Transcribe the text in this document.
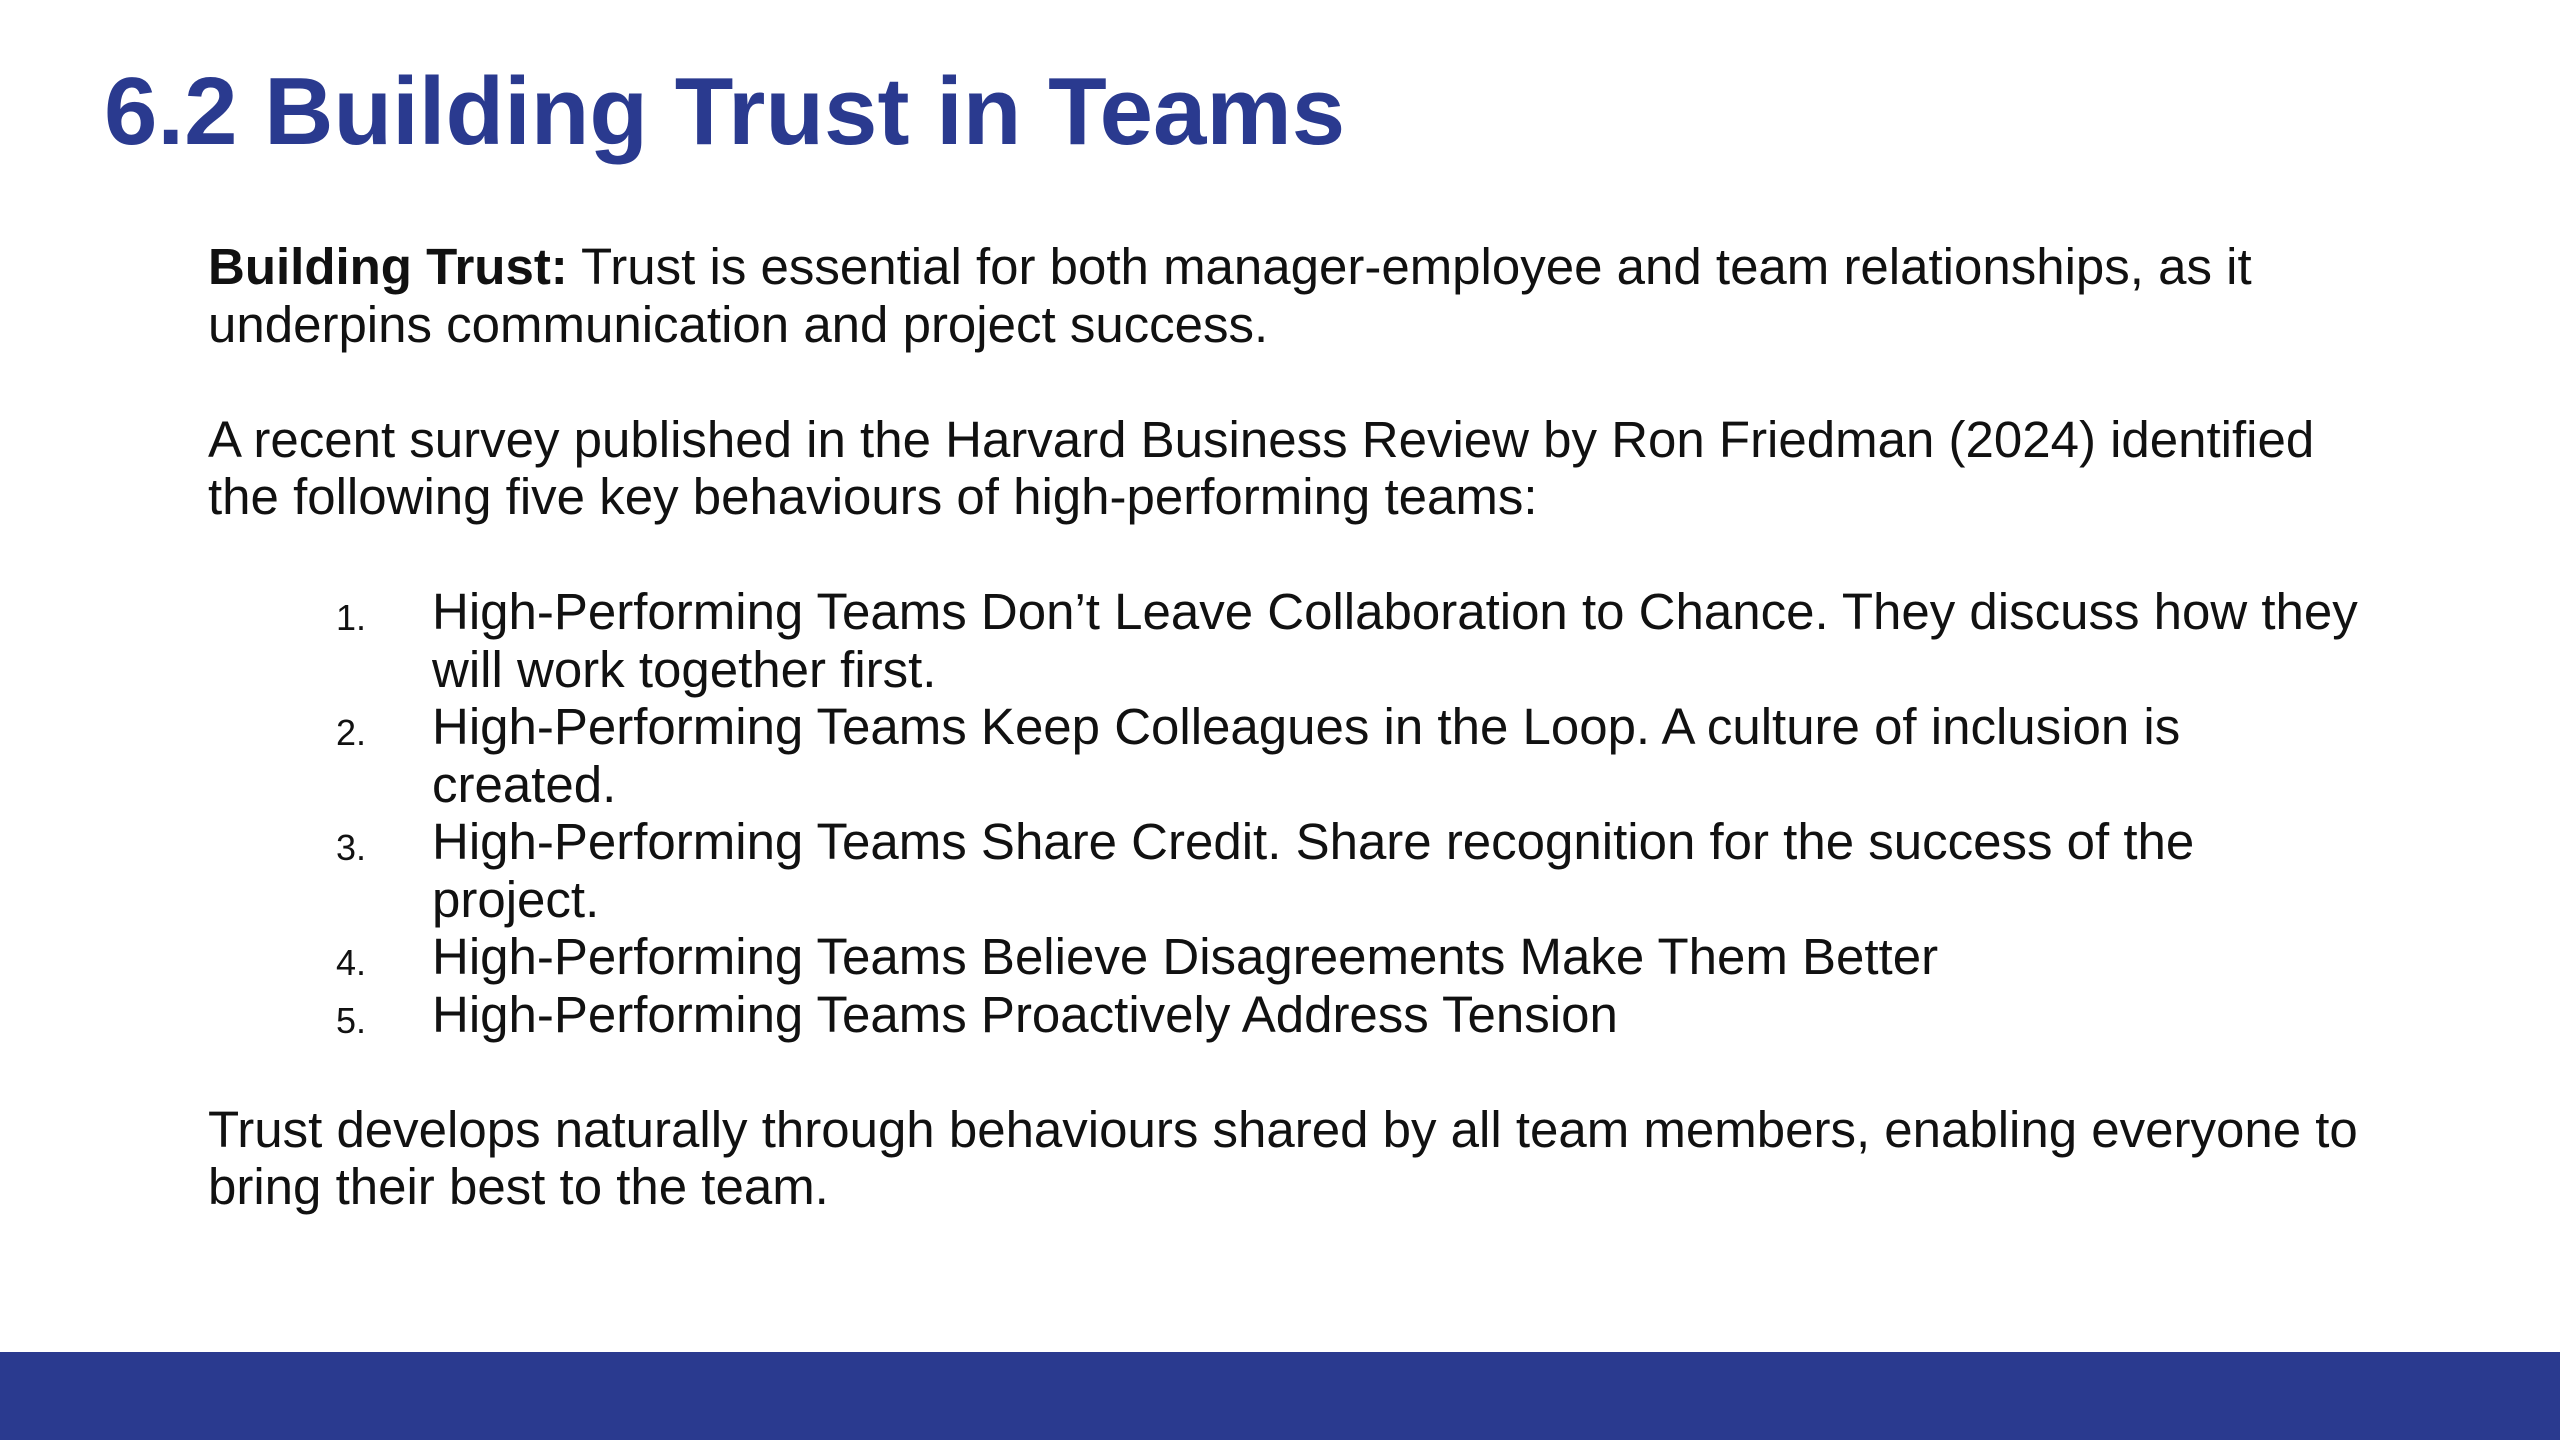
6.2 Building Trust in Teams

Building Trust: Trust is essential for both manager-employee and team relationships, as it underpins communication and project success.

A recent survey published in the Harvard Business Review by Ron Friedman (2024) identified the following five key behaviours of high-performing teams:

1. High-Performing Teams Don’t Leave Collaboration to Chance. They discuss how they will work together first.
2. High-Performing Teams Keep Colleagues in the Loop. A culture of inclusion is created.
3. High-Performing Teams Share Credit. Share recognition for the success of the project.
4. High-Performing Teams Believe Disagreements Make Them Better
5. High-Performing Teams Proactively Address Tension

Trust develops naturally through behaviours shared by all team members, enabling everyone to bring their best to the team.
